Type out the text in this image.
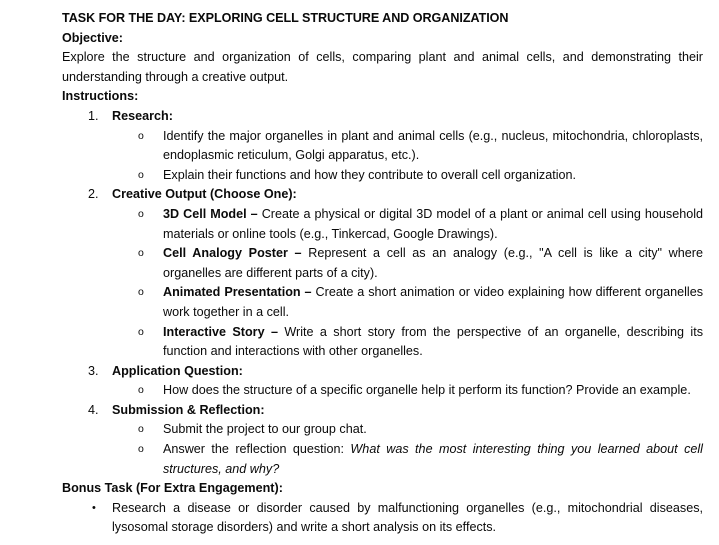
TASK FOR THE DAY: EXPLORING CELL STRUCTURE AND ORGANIZATION
Objective:
Explore the structure and organization of cells, comparing plant and animal cells, and demonstrating their understanding through a creative output.
Instructions:
1.	Research:
o	Identify the major organelles in plant and animal cells (e.g., nucleus, mitochondria, chloroplasts, endoplasmic reticulum, Golgi apparatus, etc.).
o	Explain their functions and how they contribute to overall cell organization.
2.	Creative Output (Choose One):
o	3D Cell Model – Create a physical or digital 3D model of a plant or animal cell using household materials or online tools (e.g., Tinkercad, Google Drawings).
o	Cell Analogy Poster – Represent a cell as an analogy (e.g., "A cell is like a city" where organelles are different parts of a city).
o	Animated Presentation – Create a short animation or video explaining how different organelles work together in a cell.
o	Interactive Story – Write a short story from the perspective of an organelle, describing its function and interactions with other organelles.
3.	Application Question:
o	How does the structure of a specific organelle help it perform its function? Provide an example.
4.	Submission & Reflection:
o	Submit the project to our group chat.
o	Answer the reflection question: What was the most interesting thing you learned about cell structures, and why?
Bonus Task (For Extra Engagement):
•	Research a disease or disorder caused by malfunctioning organelles (e.g., mitochondrial diseases, lysosomal storage disorders) and write a short analysis on its effects.
